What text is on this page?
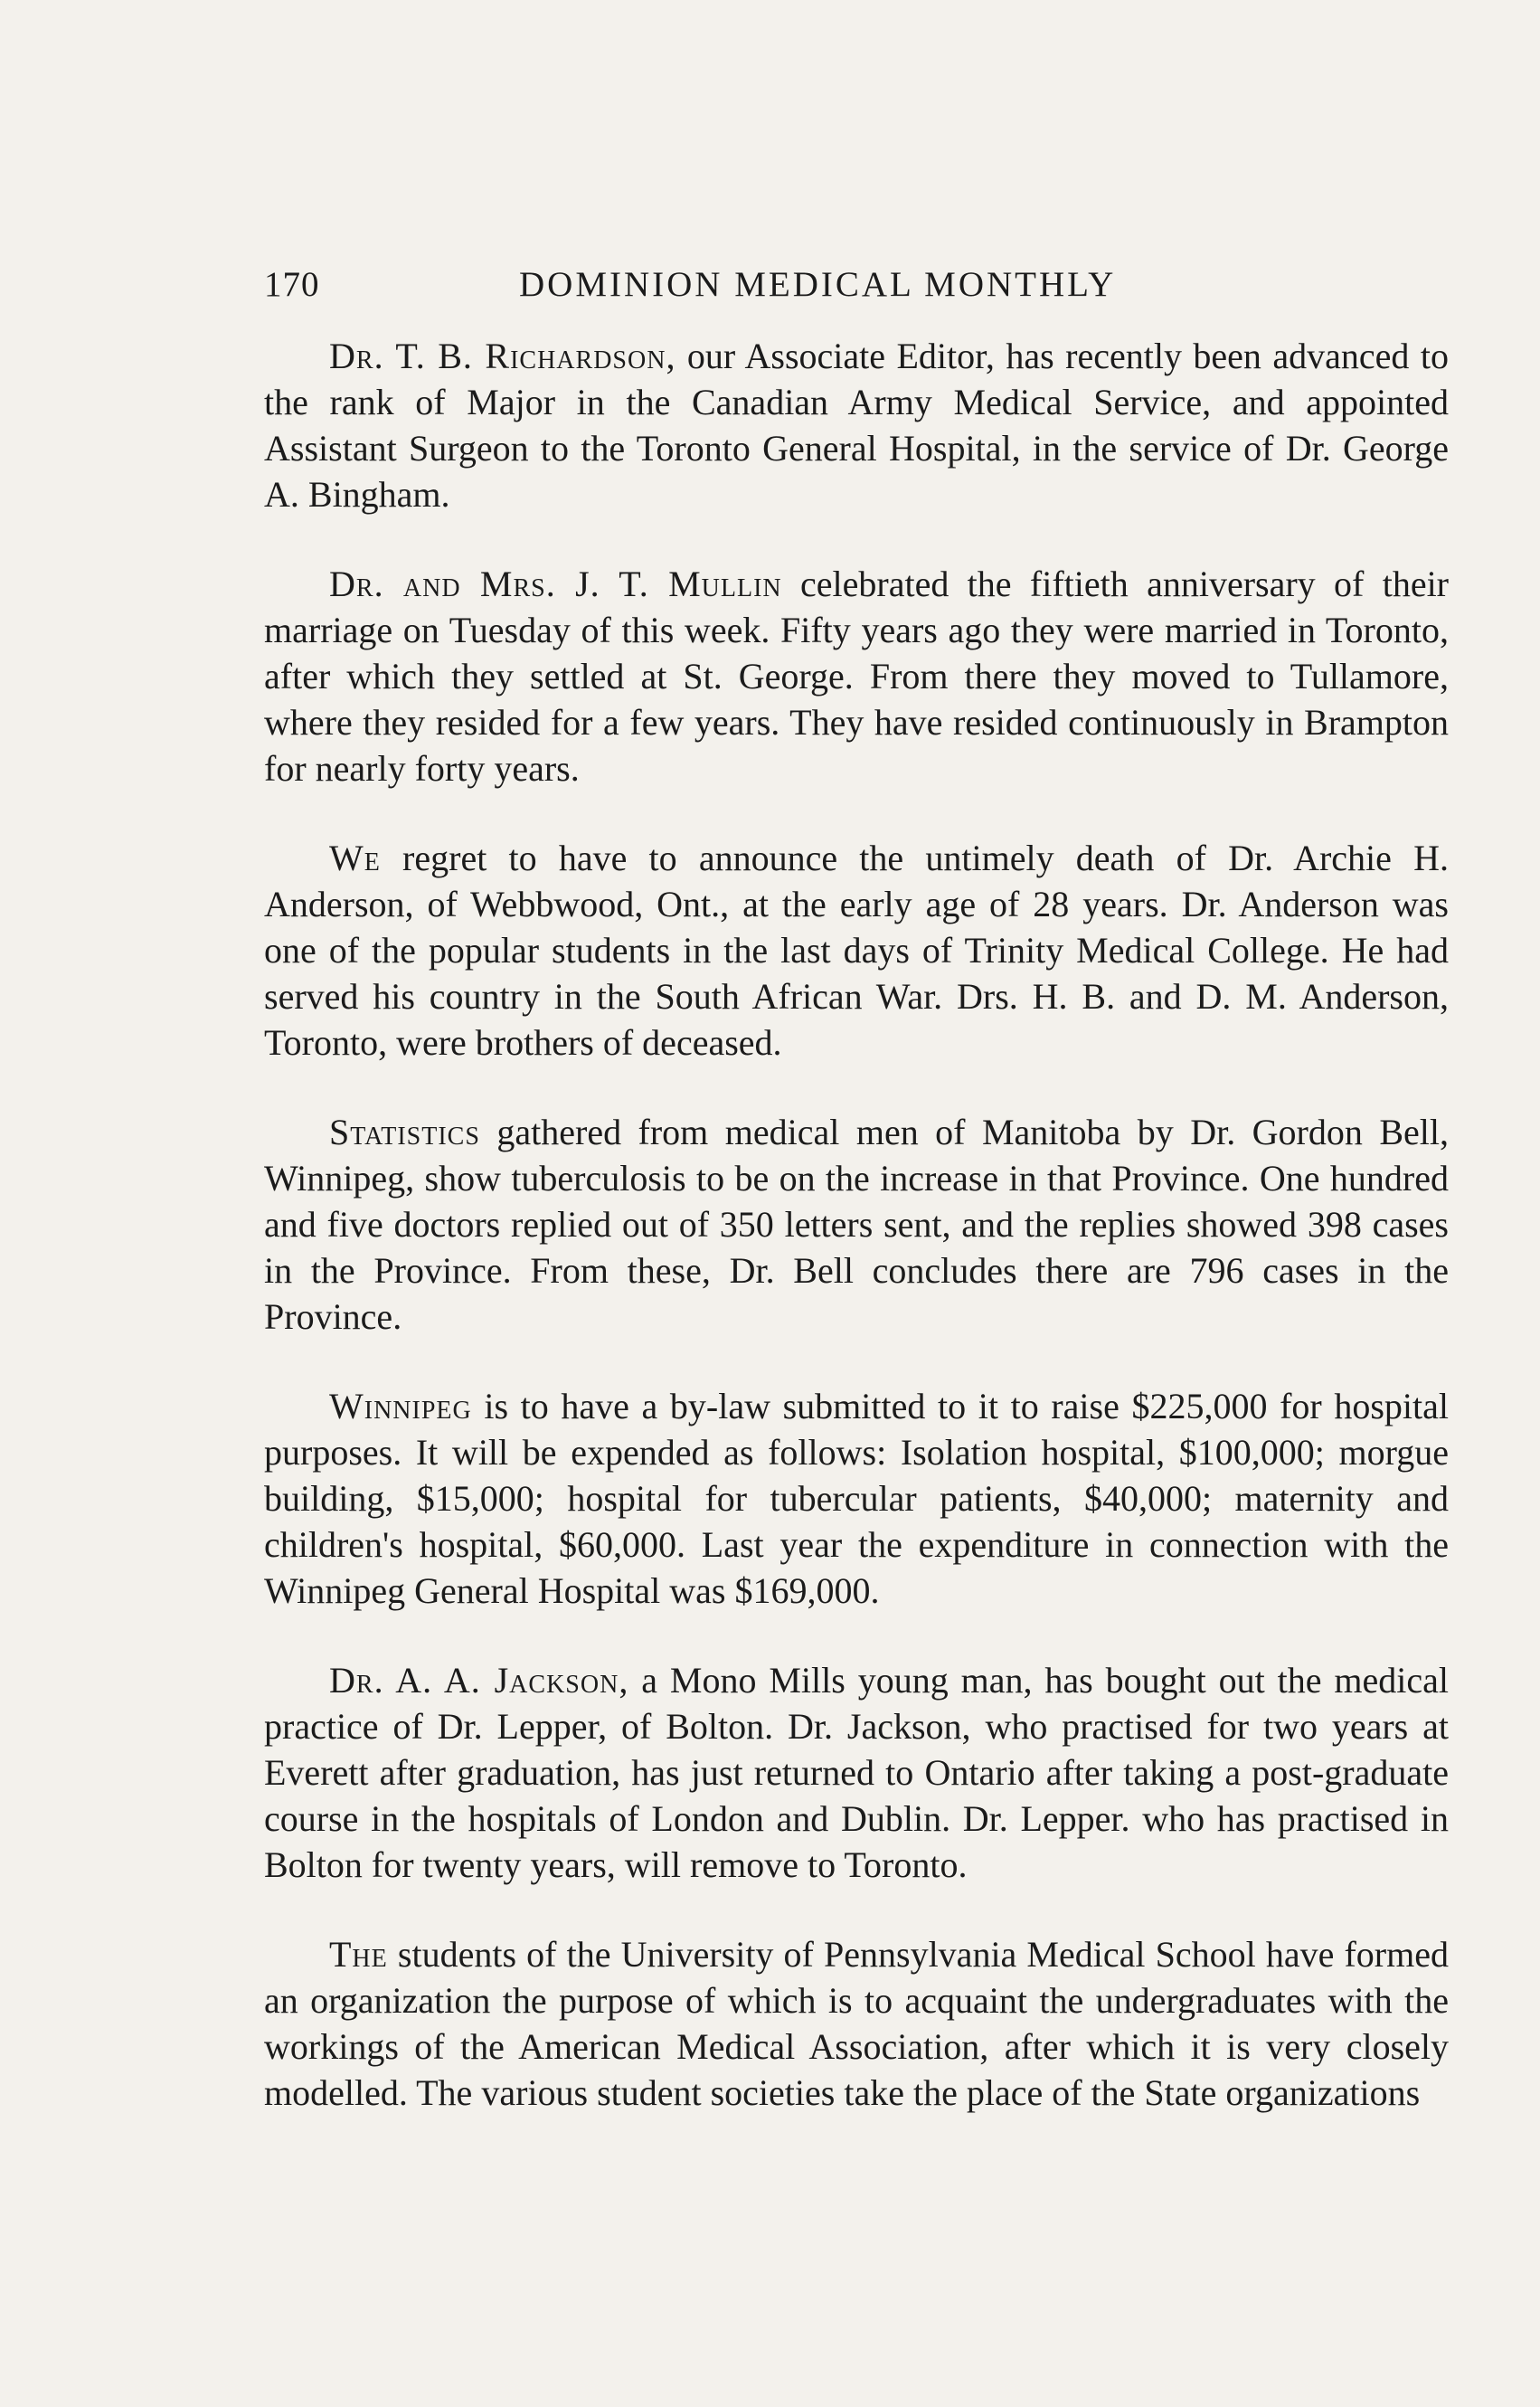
170	DOMINION MEDICAL MONTHLY

Dr. T. B. Richardson, our Associate Editor, has recently been advanced to the rank of Major in the Canadian Army Medical Service, and appointed Assistant Surgeon to the Toronto General Hospital, in the service of Dr. George A. Bingham.

Dr. and Mrs. J. T. Mullin celebrated the fiftieth anniversary of their marriage on Tuesday of this week. Fifty years ago they were married in Toronto, after which they settled at St. George. From there they moved to Tullamore, where they resided for a few years. They have resided continuously in Brampton for nearly forty years.

We regret to have to announce the untimely death of Dr. Archie H. Anderson, of Webbwood, Ont., at the early age of 28 years. Dr. Anderson was one of the popular students in the last days of Trinity Medical College. He had served his country in the South African War. Drs. H. B. and D. M. Anderson, Toronto, were brothers of deceased.

Statistics gathered from medical men of Manitoba by Dr. Gordon Bell, Winnipeg, show tuberculosis to be on the increase in that Province. One hundred and five doctors replied out of 350 letters sent, and the replies showed 398 cases in the Province. From these, Dr. Bell concludes there are 796 cases in the Province.

Winnipeg is to have a by-law submitted to it to raise $225,000 for hospital purposes. It will be expended as follows: Isolation hospital, $100,000; morgue building, $15,000; hospital for tubercular patients, $40,000; maternity and children's hospital, $60,000. Last year the expenditure in connection with the Winnipeg General Hospital was $169,000.

Dr. A. A. Jackson, a Mono Mills young man, has bought out the medical practice of Dr. Lepper, of Bolton. Dr. Jackson, who practised for two years at Everett after graduation, has just returned to Ontario after taking a post-graduate course in the hospitals of London and Dublin. Dr. Lepper. who has practised in Bolton for twenty years, will remove to Toronto.

The students of the University of Pennsylvania Medical School have formed an organization the purpose of which is to acquaint the undergraduates with the workings of the American Medical Association, after which it is very closely modelled. The various student societies take the place of the State organizations
